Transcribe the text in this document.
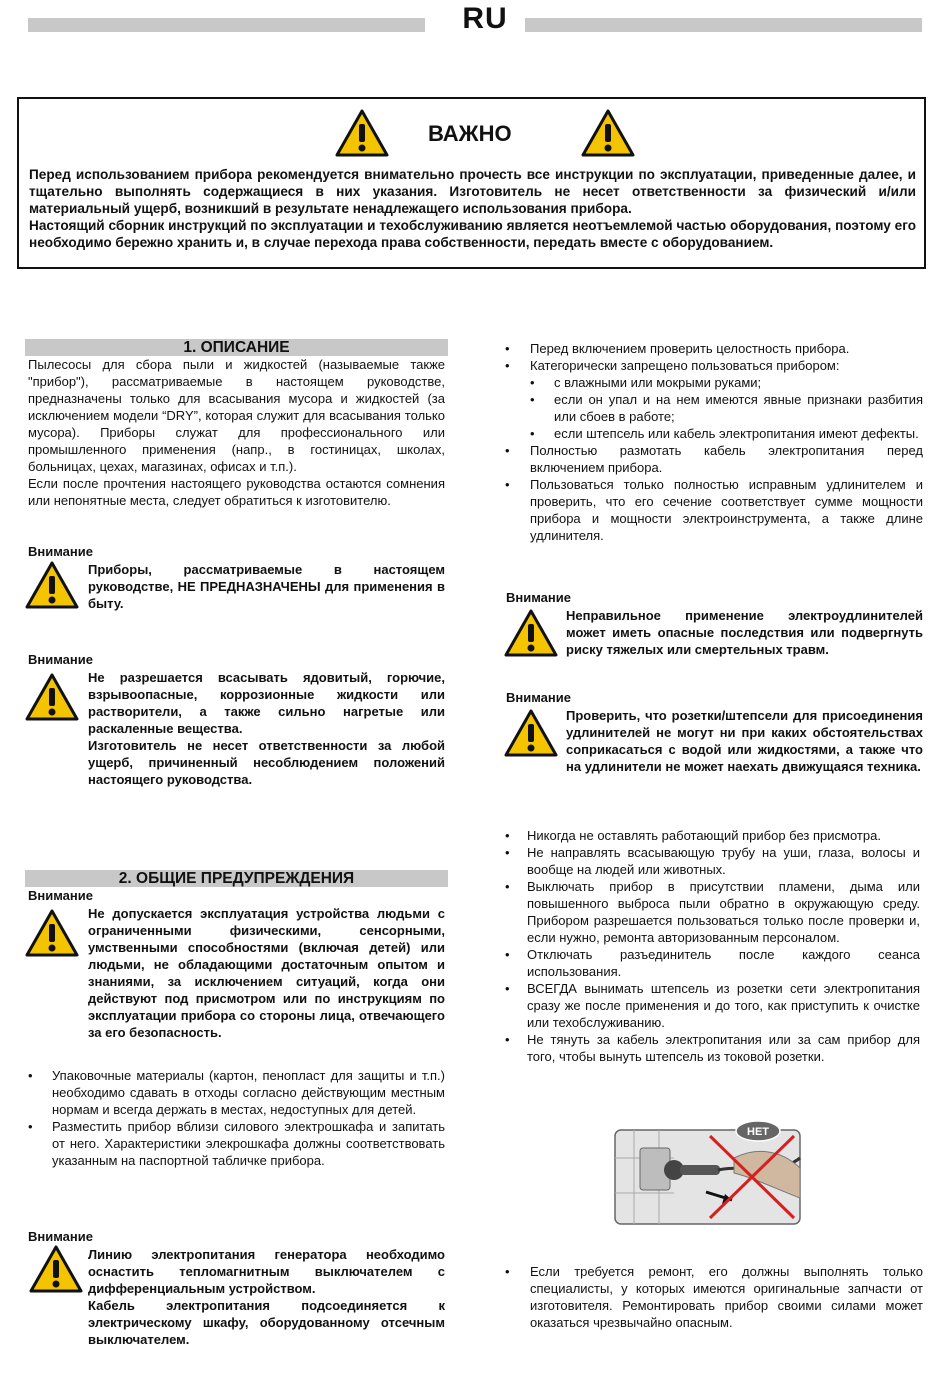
RU
ВАЖНО

Перед использованием прибора рекомендуется внимательно прочесть все инструкции по эксплуатации, приведенные далее, и тщательно выполнять содержащиеся в них указания. Изготовитель не несет ответственности за физический и/или материальный ущерб, возникший в результате ненадлежащего использования прибора.

Настоящий сборник инструкций по эксплуатации и техобслуживанию является неотъемлемой частью оборудования, поэтому его необходимо бережно хранить и, в случае перехода права собственности, передать вместе с оборудованием.

1. ОПИСАНИЕ

Пылесосы для сбора пыли и жидкостей (называемые также "прибор"), рассматриваемые в настоящем руководстве, предназначены только для всасывания мусора и жидкостей (за исключением модели “DRY”, которая служит для всасывания только мусора). Приборы служат для профессионального или промышленного применения (напр., в гостиницах, школах, больницах, цехах, магазинах, офисах и т.п.).

Если после прочтения настоящего руководства остаются сомнения или непонятные места, следует обратиться к изготовителю.

Внимание

Приборы, рассматриваемые в настоящем руководстве, НЕ ПРЕДНАЗНАЧЕНЫ для применения в быту.

Внимание

Не разрешается всасывать ядовитый, горючие, взрывоопасные, коррозионные жидкости или растворители, а также сильно нагретые или раскаленные вещества.

Изготовитель не несет ответственности за любой ущерб, причиненный несоблюдением положений настоящего руководства.

2. ОБЩИЕ ПРЕДУПРЕЖДЕНИЯ
Внимание

Не допускается эксплуатация устройства людьми с ограниченными физическими, сенсорными, умственными способностями (включая детей) или людьми, не обладающими достаточным опытом и знаниями, за исключением ситуаций, когда они действуют под присмотром или по инструкциям по эксплуатации прибора со стороны лица, отвечающего за его безопасность.

• Упаковочные материалы (картон, пенопласт для защиты и т.п.) необходимо сдавать в отходы согласно действующим местным нормам и всегда держать в местах, недоступных для детей.
• Разместить прибор вблизи силового электрошкафа и запитать от него. Характеристики элекрошкафа должны соответствовать указанным на паспортной табличке прибора.
Внимание

Линию электропитания генератора необходимо оснастить тепломагнитным выключателем с дифференциальным устройством.

Кабель электропитания подсоединяется к электрическому шкафу, оборудованному отсечным выключателем.

• Перед включением проверить целостность прибора.
• Категорически запрещено пользоваться прибором:
• с влажными или мокрыми руками;
• если он упал и на нем имеются явные признаки разбития или сбоев в работе;
• если штепсель или кабель электропитания имеют дефекты.
• Полностью размотать кабель электропитания перед включением прибора.
• Пользоваться только полностью исправным удлинителем и проверить, что его сечение соответствует сумме мощности прибора и мощности электроинструмента, а также длине удлинителя.
Внимание

Неправильное применение электроудлинителей может иметь опасные последствия или подвергнуть риску тяжелых или смертельных травм.

Внимание

Проверить, что розетки/штепсели для присоединения удлинителей не могут ни при каких обстоятельствах соприкасаться с водой или жидкостями, а также что на удлинители не может наехать движущаяся техника.

• Никогда не оставлять работающий прибор без присмотра.
• Не направлять всасывающую трубу на уши, глаза, волосы и вообще на людей или животных.
• Выключать прибор в присутствии пламени, дыма или повышенного выброса пыли обратно в окружающую среду. Прибором разрешается пользоваться только после проверки и, если нужно, ремонта авторизованным персоналом.
• Отключать разъединитель после каждого сеанса использования.
• ВСЕГДА вынимать штепсель из розетки сети электропитания сразу же после применения и до того, как приступить к очистке или техобслуживанию.
• Не тянуть за кабель электропитания или за сам прибор для того, чтобы вынуть штепсель из токовой розетки.
НЕТ
• Если требуется ремонт, его должны выполнять только специалисты, у которых имеются оригинальные запчасти от изготовителя. Ремонтировать прибор своими силами может оказаться чрезвычайно опасным.
